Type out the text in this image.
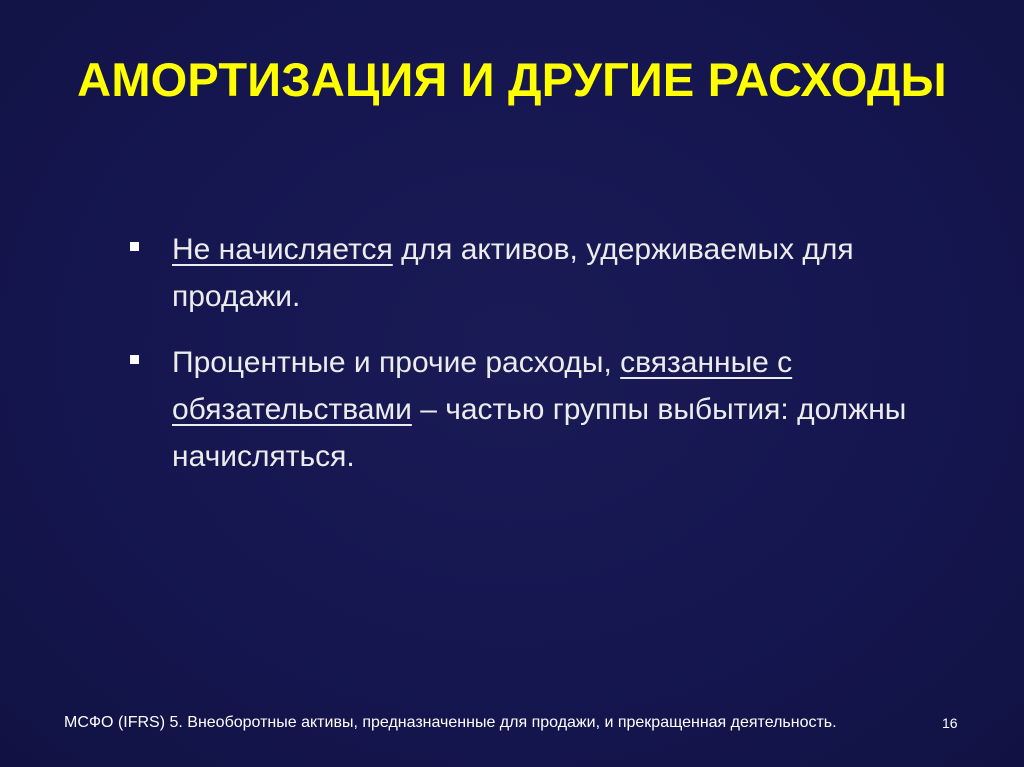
АМОРТИЗАЦИЯ И ДРУГИЕ РАСХОДЫ
Не начисляется для активов, удерживаемых для продажи.
Процентные и прочие расходы, связанные с обязательствами – частью группы выбытия: должны начисляться.
МСФО (IFRS) 5. Внеоборотные активы, предназначенные для продажи, и прекращенная деятельность.	16
